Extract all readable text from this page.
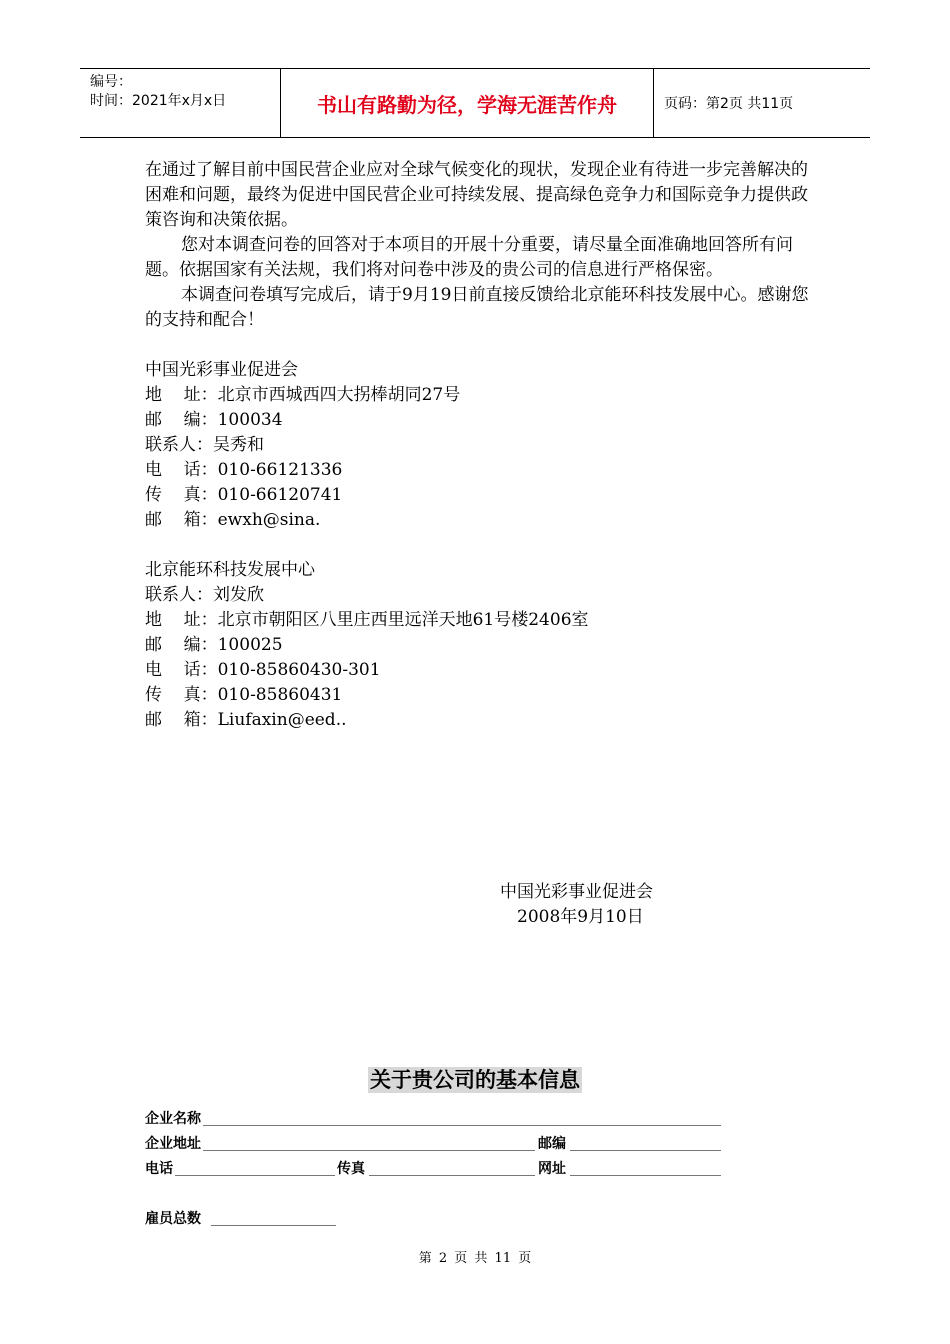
编号：
时间：2021年x月x日	书山有路勤为径，学海无涯苦作舟	页码：第2页 共11页

在通过了解目前中国民营企业应对全球气候变化的现状，发现企业有待进一步完善解决的困难和问题，最终为促进中国民营企业可持续发展、提高绿色竞争力和国际竞争力提供政策咨询和决策依据。

您对本调查问卷的回答对于本项目的开展十分重要，请尽量全面准确地回答所有问题。依据国家有关法规，我们将对问卷中涉及的贵公司的信息进行严格保密。

本调查问卷填写完成后，请于9月19日前直接反馈给北京能环科技发展中心。感谢您的支持和配合！

中国光彩事业促进会

地    址：北京市西城西四大拐棒胡同27号

邮    编：100034

联系人：吴秀和

电    话：010-66121336

传    真：010-66120741

邮    箱：ewxh@sina.

北京能环科技发展中心

联系人：刘发欣

地    址：北京市朝阳区八里庄西里远洋天地61号楼2406室

邮    编：100025

电    话：010-85860430-301

传    真：010-85860431

邮    箱：Liufaxin@eed..

中国光彩事业促进会
2008年9月10日
关于贵公司的基本信息
企业名称
企业地址	邮编
电话	传真	网址
雇员总数
第 2 页 共 11 页
